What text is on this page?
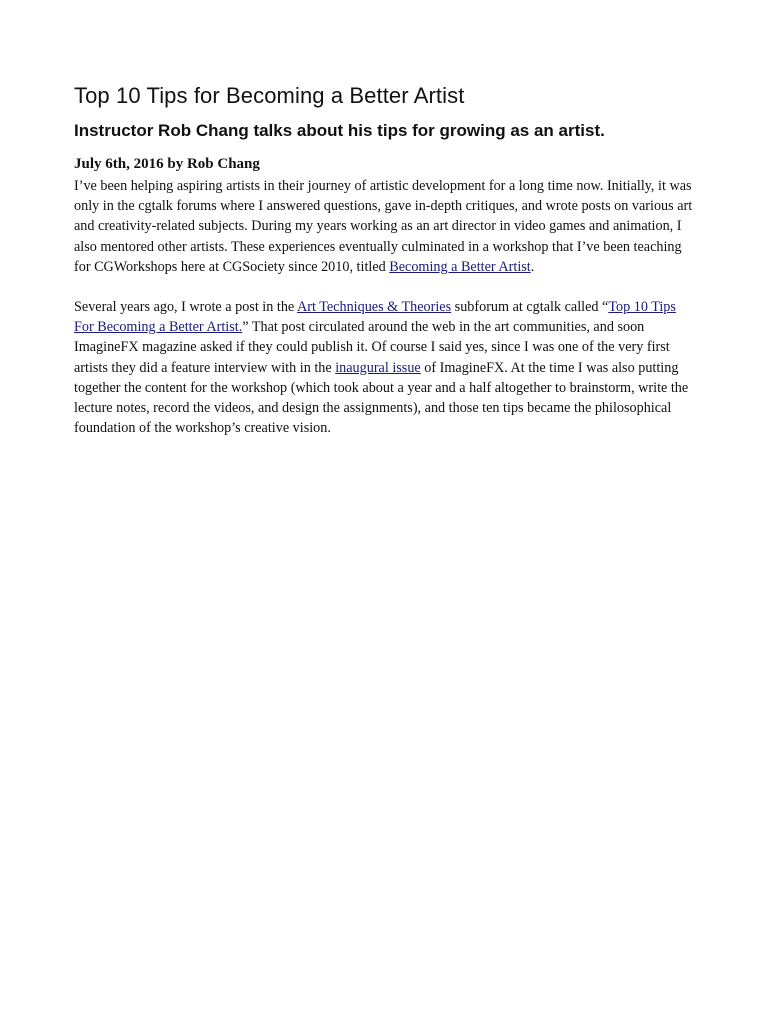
Top 10 Tips for Becoming a Better Artist
Instructor Rob Chang talks about his tips for growing as an artist.
July 6th, 2016 by Rob Chang

I’ve been helping aspiring artists in their journey of artistic development for a long time now. Initially, it was only in the cgtalk forums where I answered questions, gave in-depth critiques, and wrote posts on various art and creativity-related subjects. During my years working as an art director in video games and animation, I also mentored other artists. These experiences eventually culminated in a workshop that I’ve been teaching for CGWorkshops here at CGSociety since 2010, titled Becoming a Better Artist.

Several years ago, I wrote a post in the Art Techniques & Theories subforum at cgtalk called “Top 10 Tips For Becoming a Better Artist.” That post circulated around the web in the art communities, and soon ImagineFX magazine asked if they could publish it. Of course I said yes, since I was one of the very first artists they did a feature interview with in the inaugural issue of ImagineFX. At the time I was also putting together the content for the workshop (which took about a year and a half altogether to brainstorm, write the lecture notes, record the videos, and design the assignments), and those ten tips became the philosophical foundation of the workshop’s creative vision.
